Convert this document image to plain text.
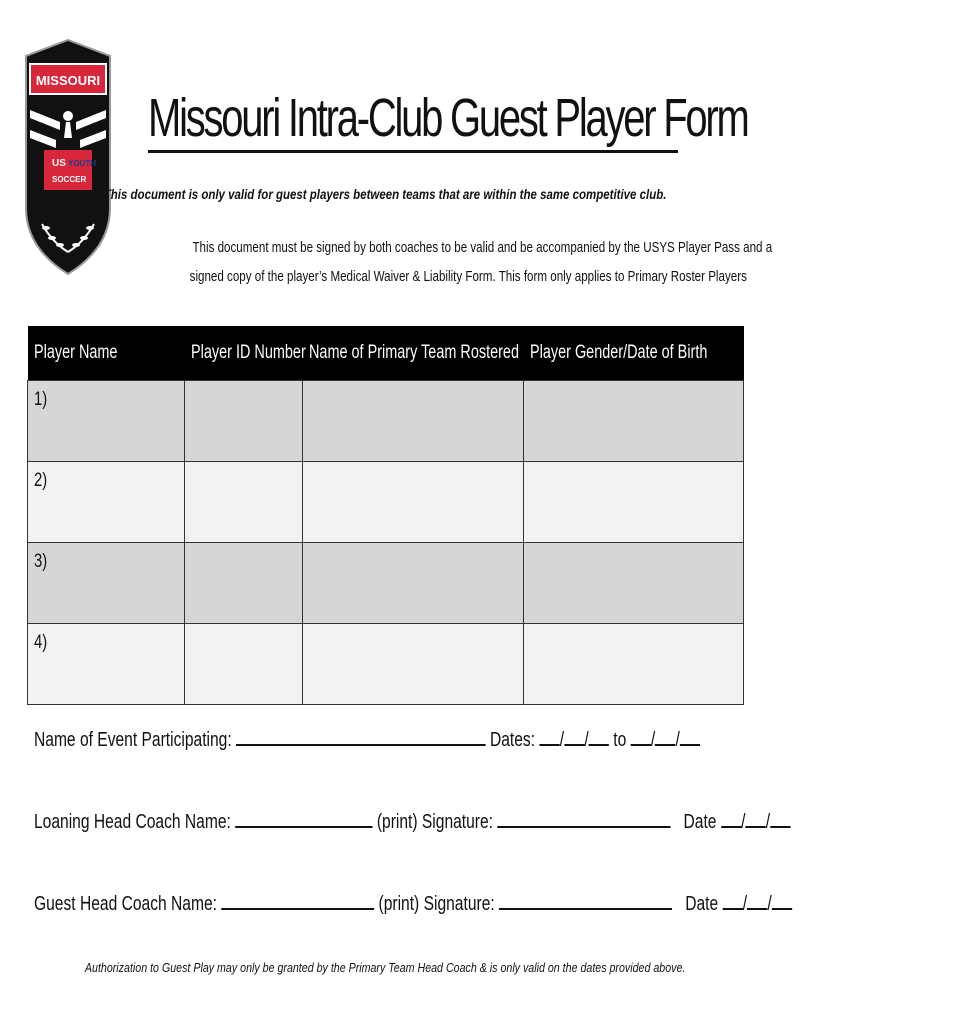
MISSOURI
US YOUTH
SOCCER
Missouri Intra-Club Guest Player Form
This document is only valid for guest players between teams that are within the same competitive club.
This document must be signed by both coaches to be valid and be accompanied by the USYS Player Pass and a
signed copy of the player’s Medical Waiver & Liability Form. This form only applies to Primary Roster Players
Player Name	Player ID Number	Name of Primary Team Rostered	Player Gender/Date of Birth
1)			
2)			
3)			
4)			
Name of Event Participating:	Dates: / / to / /
Loaning Head Coach Name:	(print) Signature:	Date / /
Guest Head Coach Name:	(print) Signature:	Date / /
Authorization to Guest Play may only be granted by the Primary Team Head Coach & is only valid on the dates provided above.
